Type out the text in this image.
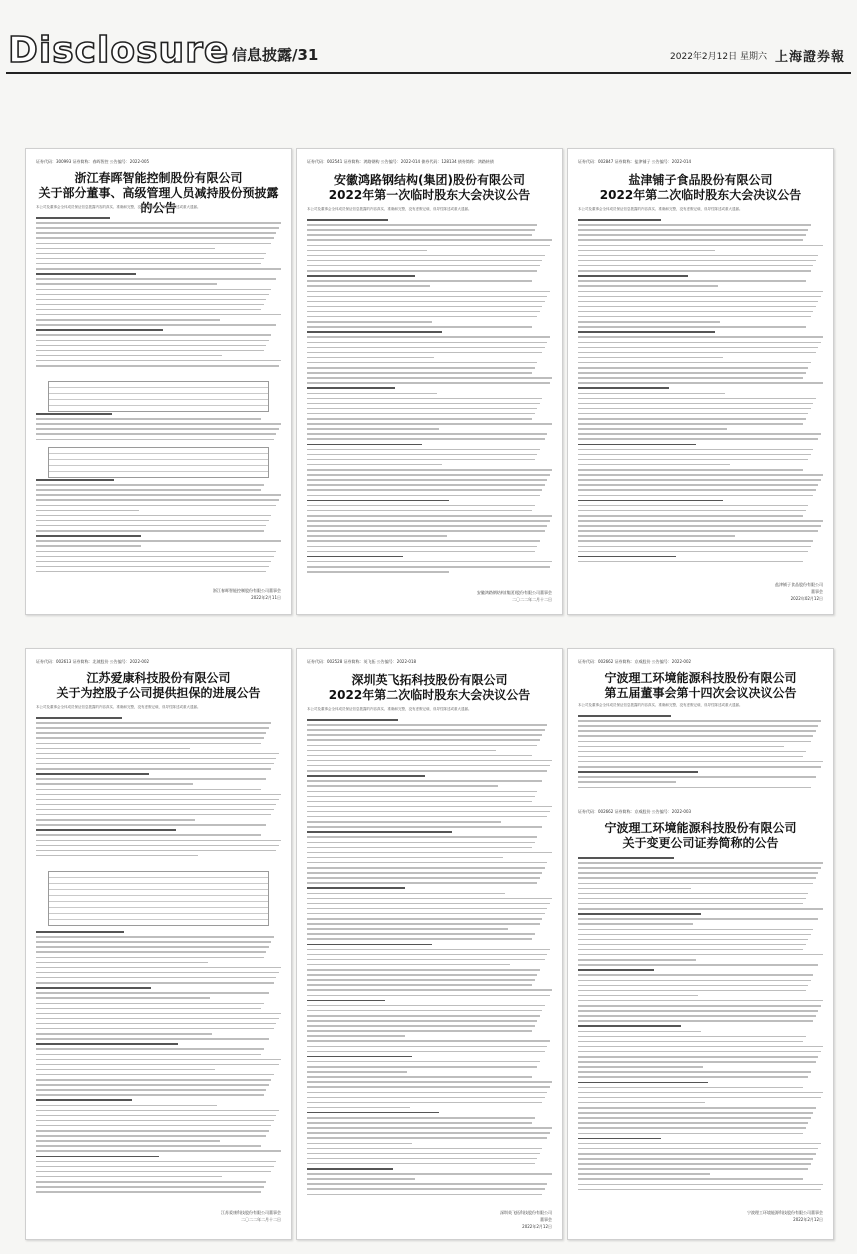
Disclosure 信息披露/31	2022年2月12日 星期六 上海證券報
证券代码：300993 证券简称：春晖智控 公告编号：2022-005
浙江春晖智能控制股份有限公司
关于部分董事、高级管理人员减持股份预披露的公告
本公司及董事会全体成员保证信息披露内容的真实、准确和完整，没有虚假记载、误导性陈述或重大遗漏。
浙江春晖智能控制股份有限公司董事会
2022年2月11日
证券代码：002541 证券简称：鸿路钢构 公告编号：2022-014 债券代码：128134 债券简称：鸿路转债
安徽鸿路钢结构(集团)股份有限公司
2022年第一次临时股东大会决议公告
本公司及董事会全体成员保证信息披露的内容真实、准确和完整，没有虚假记载、误导性陈述或重大遗漏。
安徽鸿路钢结构(集团)股份有限公司董事会
二〇二二年二月十二日
证券代码：002847 证券简称：盐津铺子 公告编号：2022-014
盐津铺子食品股份有限公司
2022年第二次临时股东大会决议公告
本公司及董事会全体成员保证信息披露的内容真实、准确和完整，没有虚假记载、误导性陈述或重大遗漏。
盐津铺子食品股份有限公司
董事会
2022年02月12日
证券代码：002613 证券简称：北玻股份 公告编号：2022-002
江苏爱康科技股份有限公司
关于为控股子公司提供担保的进展公告
本公司及董事会全体成员保证信息披露的内容真实、准确和完整，没有虚假记载、误导性陈述或重大遗漏。
江苏爱康科技股份有限公司董事会
二〇二二年二月十二日
证券代码：002528 证券简称：英飞拓 公告编号：2022-018
深圳英飞拓科技股份有限公司
2022年第二次临时股东大会决议公告
本公司及董事会全体成员保证信息披露的内容真实、准确和完整，没有虚假记载、误导性陈述或重大遗漏。
深圳英飞拓科技股份有限公司
董事会
2022年2月12日
证券代码：002662 证券简称：京威股份 公告编号：2022-002
宁波理工环境能源科技股份有限公司
第五届董事会第十四次会议决议公告
本公司及董事会全体成员保证信息披露的内容真实、准确和完整，没有虚假记载、误导性陈述或重大遗漏。
证券代码：002662 证券简称：京威股份 公告编号：2022-003
宁波理工环境能源科技股份有限公司
关于变更公司证券简称的公告
宁波理工环境能源科技股份有限公司董事会
2022年2月12日
